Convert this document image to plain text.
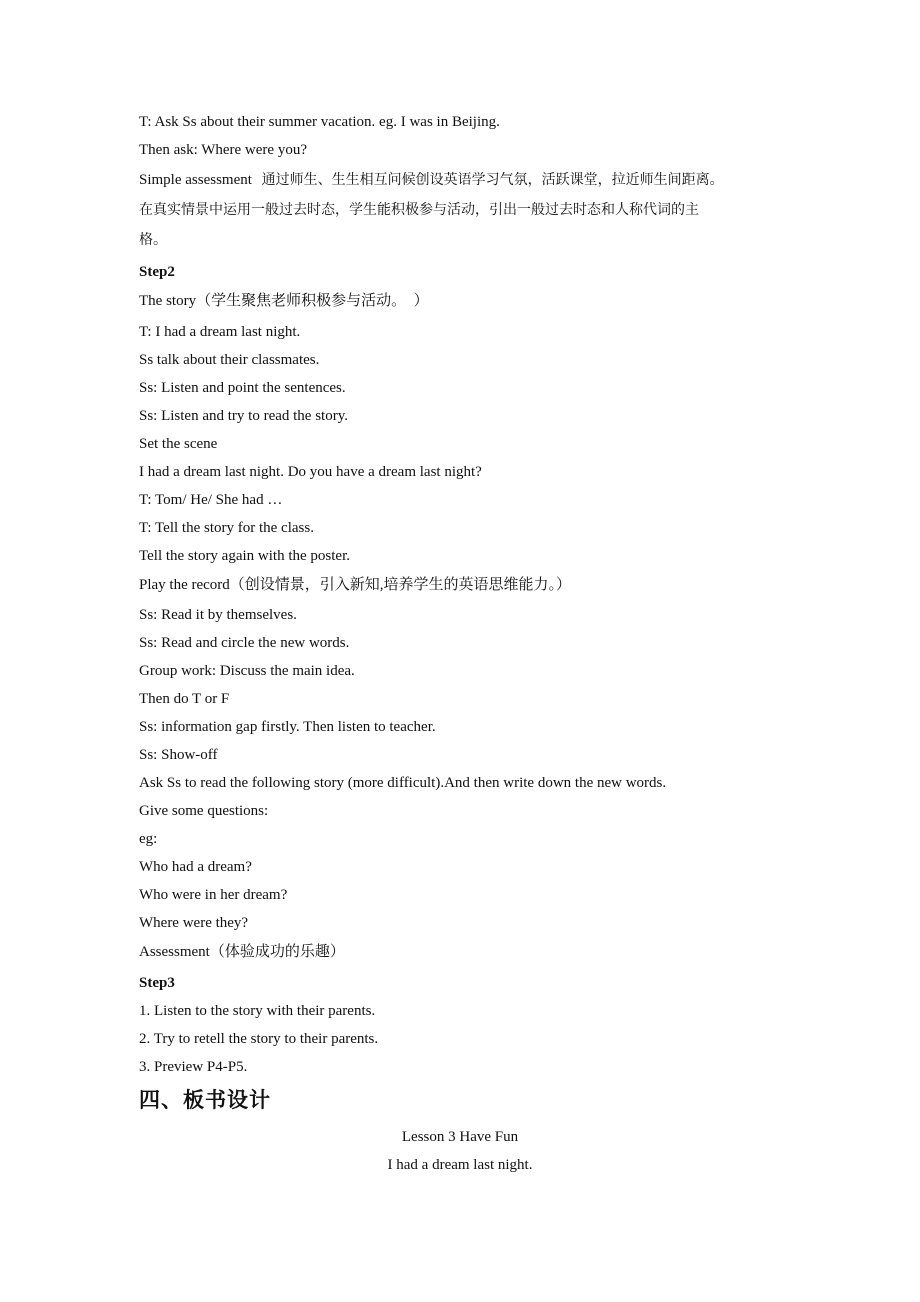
T: Ask Ss about their summer vacation. eg. I was in Beijing.
Then ask: Where were you?
Simple assessment 通过师生、生生相互问候创设英语学习气氛，活跃课堂，拉近师生间距离。
在真实情景中运用一般过去时态，学生能积极参与活动，引出一般过去时态和人称代词的主
格。
Step2
The story（学生聚焦老师积极参与活动。　）
T: I had a dream last night.
Ss talk about their classmates.
Ss: Listen and point the sentences.
Ss: Listen and try to read the story.
Set the scene
I had a dream last night. Do you have a dream last night?
T: Tom/ He/ She had …
T: Tell the story for the class.
Tell the story again with the poster.
Play the record（创设情景，引入新知,培养学生的英语思维能力。）
Ss: Read it by themselves.
Ss: Read and circle the new words.
Group work: Discuss the main idea.
Then do T or F
Ss: information gap firstly. Then listen to teacher.
Ss: Show-off
Ask Ss to read the following story (more difficult).And then write down the new words.
Give some questions:
eg:
Who had a dream?
Who were in her dream?
Where were they?
Assessment（体验成功的乐趣）
Step3
1. Listen to the story with their parents.
2. Try to retell the story to their parents.
3. Preview P4-P5.
四、板书设计
Lesson 3 Have Fun
I had a dream last night.
